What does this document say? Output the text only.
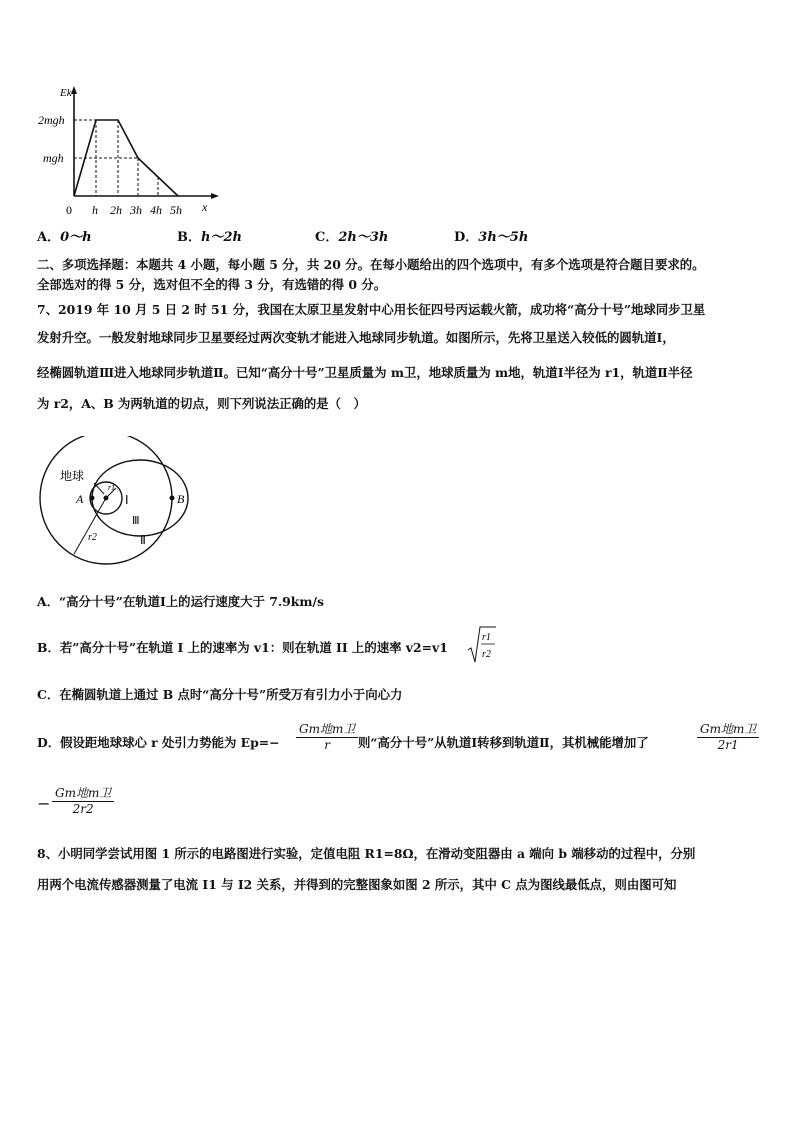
Ek
2mgh
mgh
0 h 2h 3h 4h 5h x
A．0～h	B．h～2h	C．2h～3h	D．3h～5h
二、多项选择题：本题共 4 小题，每小题 5 分，共 20 分。在每小题给出的四个选项中，有多个选项是符合题目要求的。
全部选对的得 5 分，选对但不全的得 3 分，有选错的得 0 分。
7、2019 年 10 月 5 日 2 时 51 分，我国在太原卫星发射中心用长征四号丙运载火箭，成功将“高分十号”地球同步卫星
发射升空。一般发射地球同步卫星要经过两次变轨才能进入地球同步轨道。如图所示，先将卫星送入较低的圆轨道Ⅰ，
经椭圆轨道Ⅲ进入地球同步轨道Ⅱ。已知“高分十号”卫星质量为 m卫，地球质量为 m地，轨道Ⅰ半径为 r1，轨道Ⅱ半径
为 r2，A、B 为两轨道的切点，则下列说法正确的是（　）
地球
A	B
r1
r2
Ⅰ
Ⅲ
Ⅱ
A．“高分十号”在轨道Ⅰ上的运行速度大于 7.9km/s
B．若”高分十号”在轨道 I 上的速率为 v1：则在轨道 II 上的速率 v2=v1
r1
r2
C．在椭圆轨道上通过 B 点时“高分十号”所受万有引力小于向心力
D．假设距地球球心 r 处引力势能为 Ep=−
Gm地m卫
r	则“高分十号”从轨道Ⅰ转移到轨道Ⅱ，其机械能增加了
Gm地m卫
2r1
−
Gm地m卫
2r2
8、小明同学尝试用图 1 所示的电路图进行实验，定值电阻 R1=8Ω，在滑动变阻器由 a 端向 b 端移动的过程中，分别
用两个电流传感器测量了电流 I1 与 I2 关系，并得到的完整图象如图 2 所示，其中 C 点为图线最低点，则由图可知
